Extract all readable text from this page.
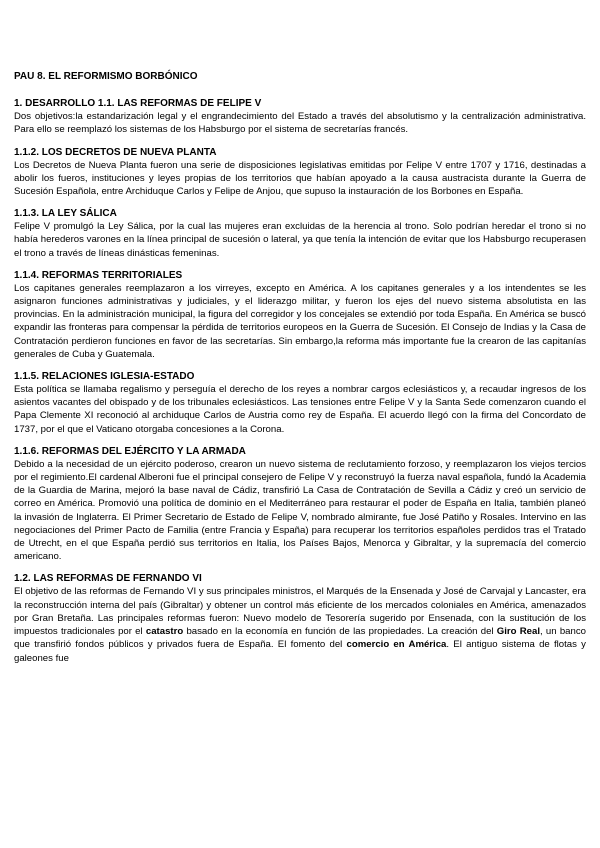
PAU 8. EL REFORMISMO BORBÓNICO
1. DESARROLLO 1.1. LAS REFORMAS DE FELIPE V

Dos objetivos:la estandarización legal y el engrandecimiento del Estado a través del absolutismo y la centralización administrativa. Para ello se reemplazó los sistemas de los Habsburgo por el sistema de secretarías francés.

1.1.2. LOS DECRETOS DE NUEVA PLANTA

Los Decretos de Nueva Planta fueron una serie de disposiciones legislativas emitidas por Felipe V entre 1707 y 1716, destinadas a abolir los fueros, instituciones y leyes propias de los territorios que habían apoyado a la causa austracista durante la Guerra de Sucesión Española, entre Archiduque Carlos y Felipe de Anjou, que supuso la instauración de los Borbones en España.

1.1.3. LA LEY SÁLICA

Felipe V promulgó la Ley Sálica, por la cual las mujeres eran excluidas de la herencia al trono. Solo podrían heredar el trono si no había herederos varones en la línea principal de sucesión o lateral, ya que tenía la intención de evitar que los Habsburgo recuperasen el trono a través de líneas dinásticas femeninas.

1.1.4. REFORMAS TERRITORIALES

Los capitanes generales reemplazaron a los virreyes, excepto en América. A los capitanes generales y a los intendentes se les asignaron funciones administrativas y judiciales, y el liderazgo militar, y fueron los ejes del nuevo sistema absolutista en las provincias. En la administración municipal, la figura del corregidor y los concejales se extendió por toda España. En América se buscó expandir las fronteras para compensar la pérdida de territorios europeos en la Guerra de Sucesión. El Consejo de Indias y la Casa de Contratación perdieron funciones en favor de las secretarías. Sin embargo,la reforma más importante fue la crearon de las capitanías generales de Cuba y Guatemala.

1.1.5. RELACIONES IGLESIA-ESTADO

Esta política se llamaba regalismo y perseguía el derecho de los reyes a nombrar cargos eclesiásticos y, a recaudar ingresos de los asientos vacantes del obispado y de los tribunales eclesiásticos. Las tensiones entre Felipe V y la Santa Sede comenzaron cuando el Papa Clemente XI reconoció al archiduque Carlos de Austria como rey de España. El acuerdo llegó con la firma del Concordato de 1737, por el que el Vaticano otorgaba concesiones a la Corona.

1.1.6. REFORMAS DEL EJÉRCITO Y LA ARMADA

Debido a la necesidad de un ejército poderoso, crearon un nuevo sistema de reclutamiento forzoso, y reemplazaron los viejos tercios por el regimiento.El cardenal Alberoni fue el principal consejero de Felipe V y reconstruyó la fuerza naval española, fundó la Academia de la Guardia de Marina, mejoró la base naval de Cádiz, transfirió La Casa de Contratación de Sevilla a Cádiz y creó un servicio de correo en América. Promovió una política de dominio en el Mediterráneo para restaurar el poder de España en Italia, también planeó la invasión de Inglaterra. El Primer Secretario de Estado de Felipe V, nombrado almirante, fue José Patiño y Rosales. Intervino en las negociaciones del Primer Pacto de Familia (entre Francia y España) para recuperar los territorios españoles perdidos tras el Tratado de Utrecht, en el que España perdió sus territorios en Italia, los Países Bajos, Menorca y Gibraltar, y la supremacía del comercio americano.

1.2. LAS REFORMAS DE FERNANDO VI

El objetivo de las reformas de Fernando VI y sus principales ministros, el Marqués de la Ensenada y José de Carvajal y Lancaster, era la reconstrucción interna del país (Gibraltar) y obtener un control más eficiente de los mercados coloniales en América, amenazados por Gran Bretaña. Las principales reformas fueron: Nuevo modelo de Tesorería sugerido por Ensenada, con la sustitución de los impuestos tradicionales por el catastro basado en la economía en función de las propiedades. La creación del Giro Real, un banco que transfirió fondos públicos y privados fuera de España. El fomento del comercio en América. El antiguo sistema de flotas y galeones fue
